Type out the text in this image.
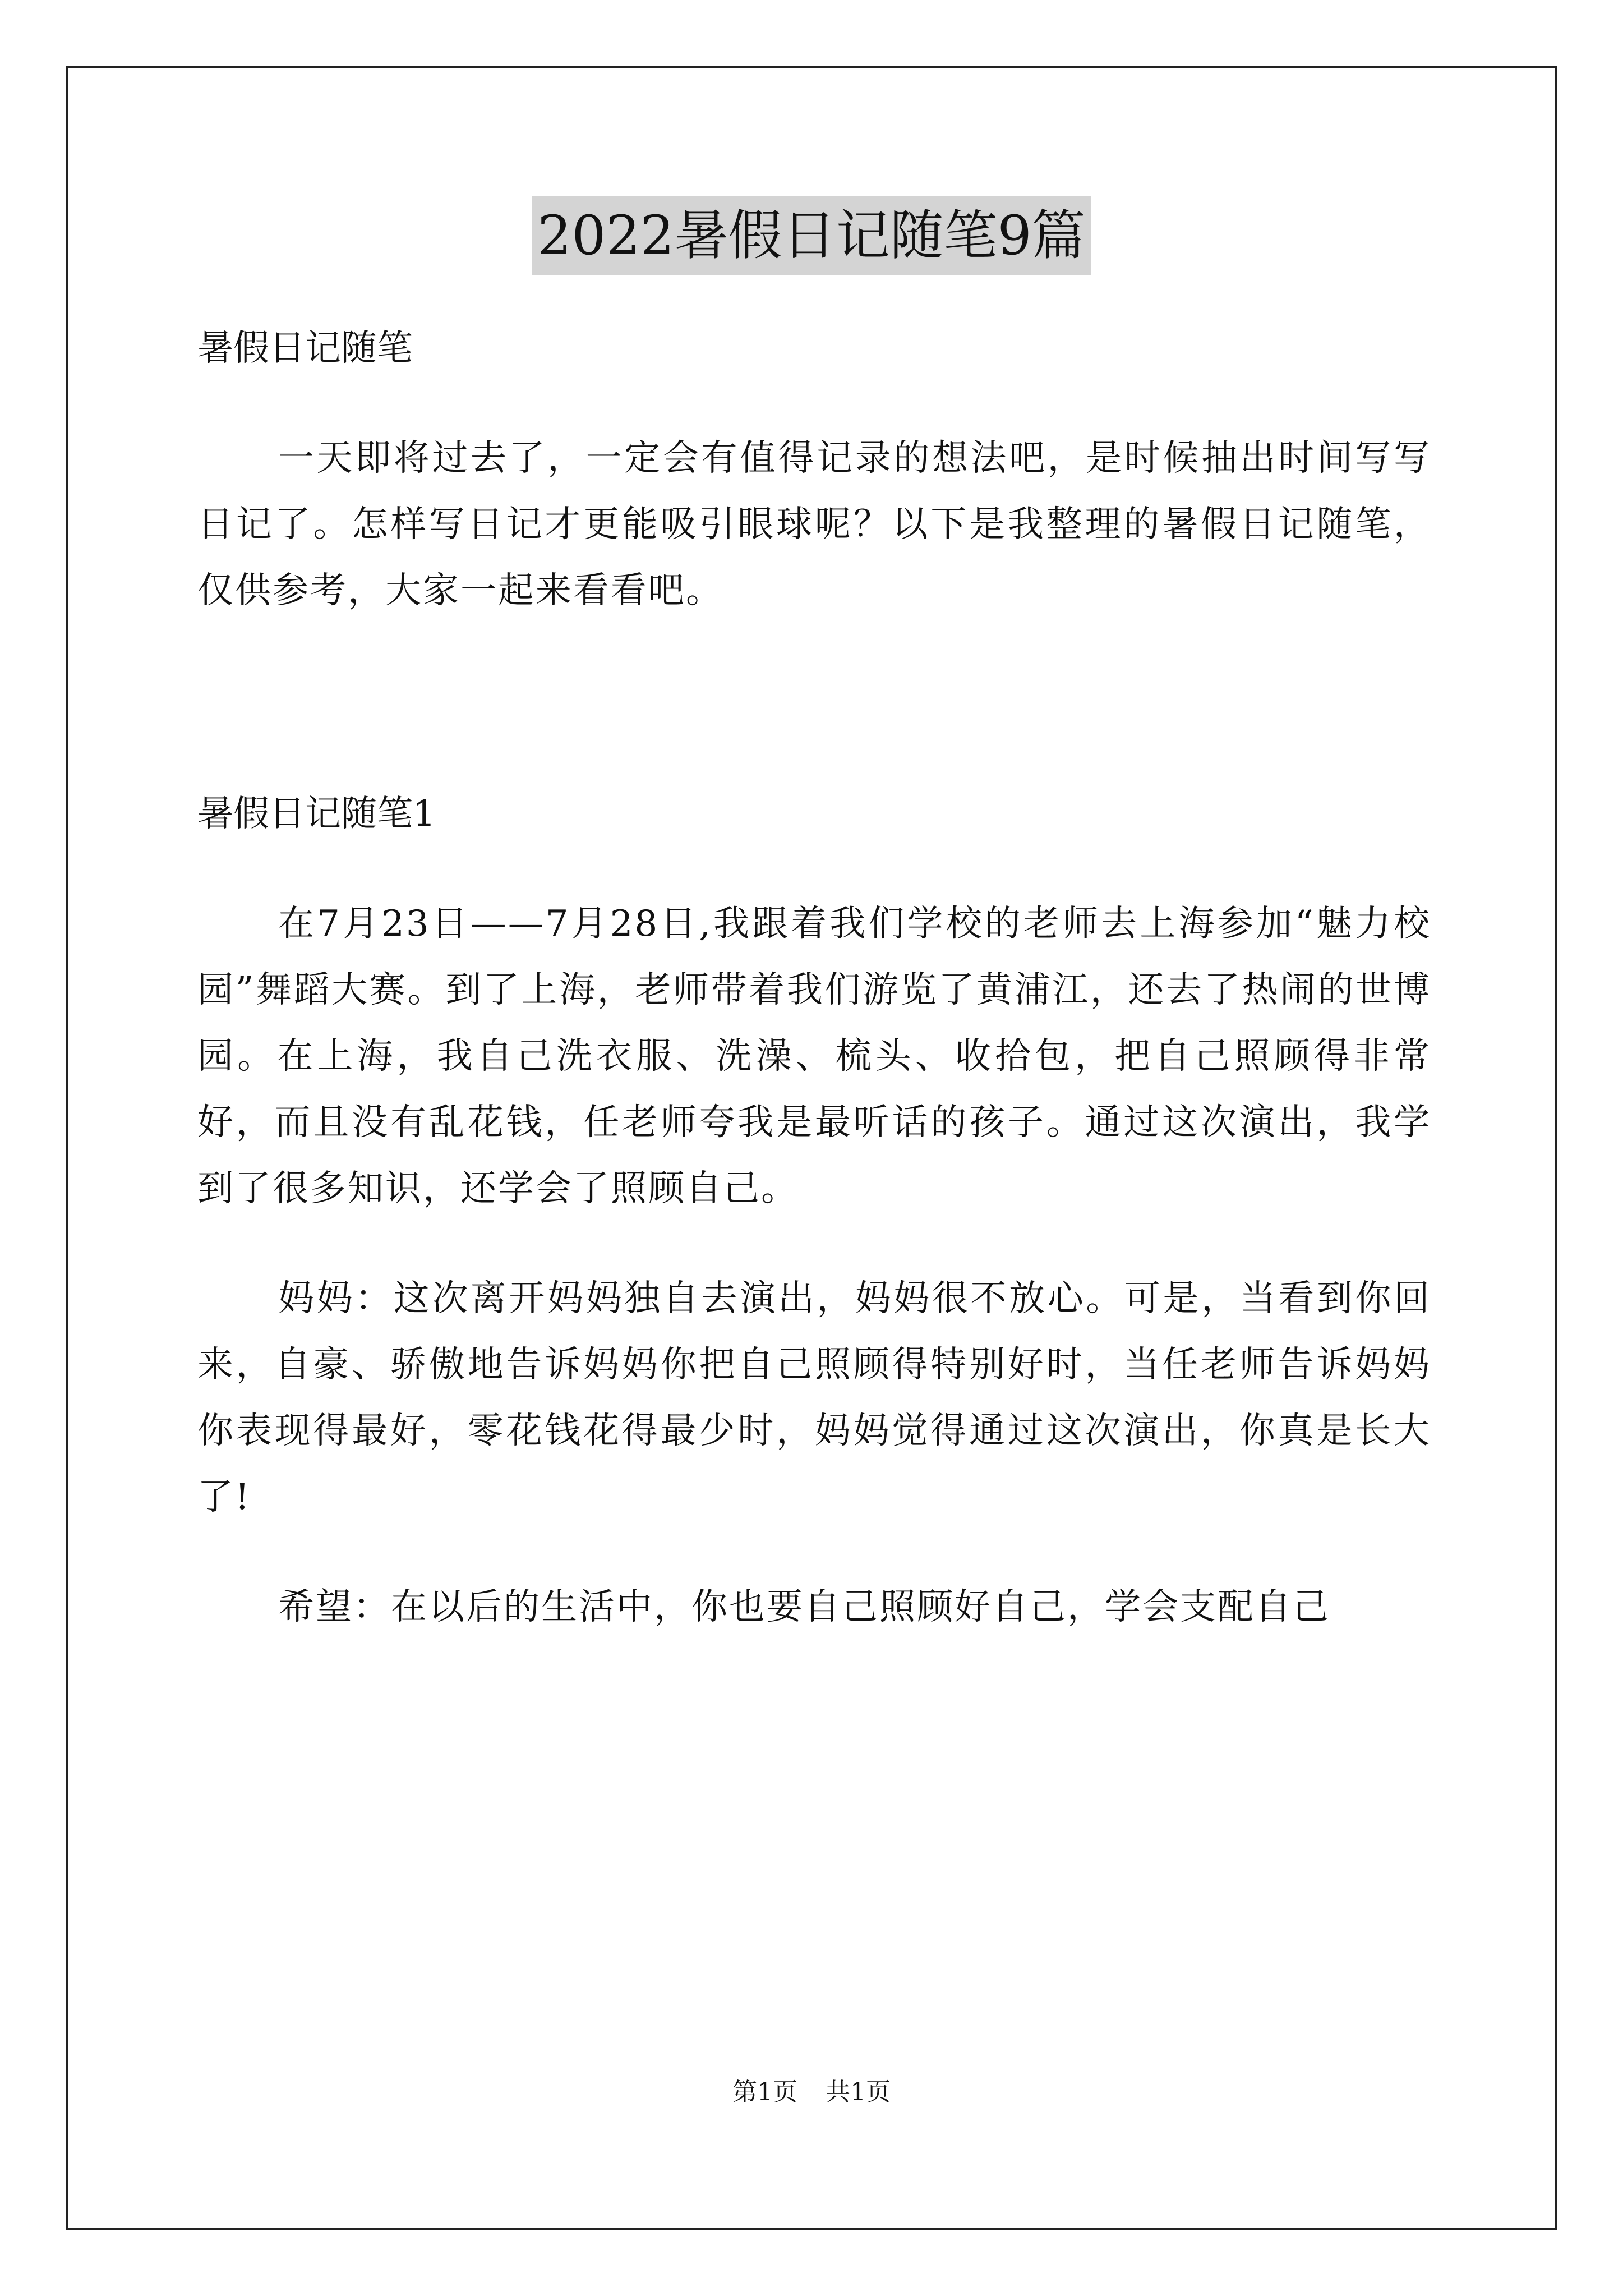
2022暑假日记随笔9篇

暑假日记随笔

一天即将过去了，一定会有值得记录的想法吧，是时候抽出时间写写日记了。怎样写日记才更能吸引眼球呢？以下是我整理的暑假日记随笔，仅供参考，大家一起来看看吧。

暑假日记随笔1

在7月23日——7月28日,我跟着我们学校的老师去上海参加“魅力校园”舞蹈大赛。到了上海，老师带着我们游览了黄浦江，还去了热闹的世博园。在上海，我自己洗衣服、洗澡、梳头、收拾包，把自己照顾得非常好，而且没有乱花钱，任老师夸我是最听话的孩子。通过这次演出，我学到了很多知识，还学会了照顾自己。

妈妈：这次离开妈妈独自去演出，妈妈很不放心。可是，当看到你回来，自豪、骄傲地告诉妈妈你把自己照顾得特别好时，当任老师告诉妈妈你表现得最好，零花钱花得最少时，妈妈觉得通过这次演出，你真是长大了!

希望：在以后的生活中，你也要自己照顾好自己，学会支配自己

第1页 共1页
